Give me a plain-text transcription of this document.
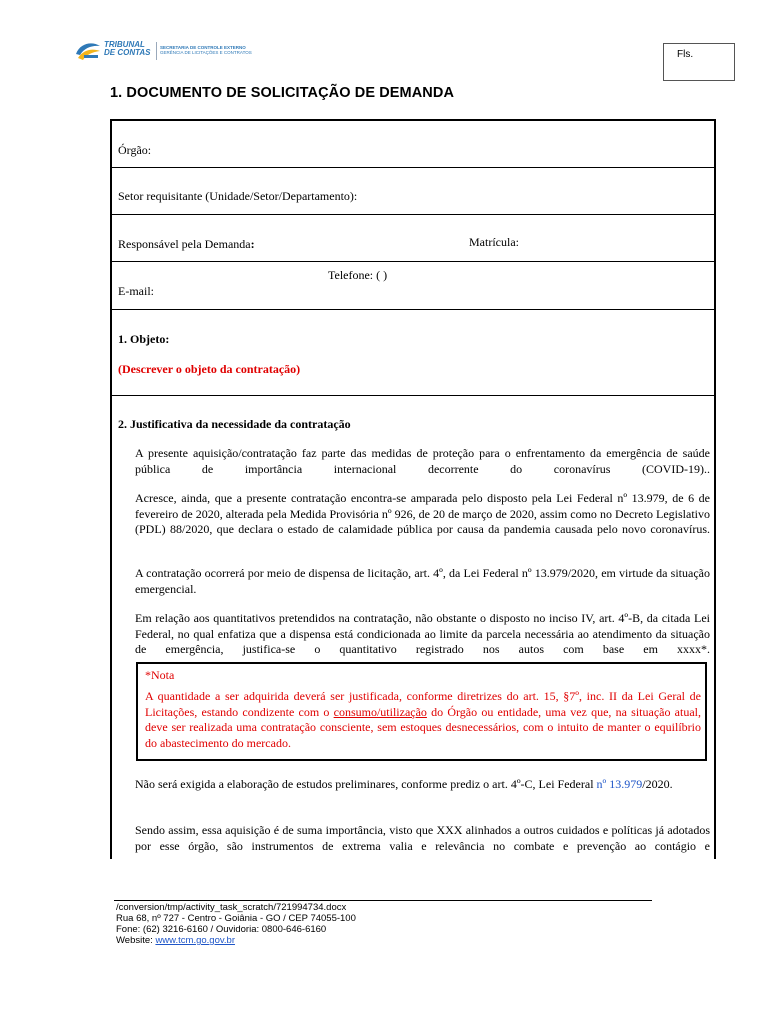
TRIBUNAL
DE CONTAS
SECRETARIA DE CONTROLE EXTERNO
GERÊNCIA DE LICITAÇÕES E CONTRATOS	Fls.
1. DOCUMENTO DE SOLICITAÇÃO DE DEMANDA
Órgão:
Setor requisitante (Unidade/Setor/Departamento):
Responsável pela Demanda:	Matrícula:
Telefone: ( )
E-mail:
1. Objeto:
(Descrever o objeto da contratação)
2. Justificativa da necessidade da contratação
A presente aquisição/contratação faz parte das medidas de proteção para o enfrentamento da emergência de saúde pública de importância internacional decorrente do coronavírus (COVID-19)..
Acresce, ainda, que a presente contratação encontra-se amparada pelo disposto pela Lei Federal nº 13.979, de 6 de fevereiro de 2020, alterada pela Medida Provisória nº 926, de 20 de março de 2020, assim como no Decreto Legislativo (PDL) 88/2020, que declara o estado de calamidade pública por causa da pandemia causada pelo novo coronavírus.
A contratação ocorrerá por meio de dispensa de licitação, art. 4º, da Lei Federal nº 13.979/2020, em virtude da situação emergencial.
Em relação aos quantitativos pretendidos na contratação, não obstante o disposto no inciso IV, art. 4º-B, da citada Lei Federal, no qual enfatiza que a dispensa está condicionada ao limite da parcela necessária ao atendimento da situação de emergência, justifica-se o quantitativo registrado nos autos com base em xxxx*.
*Nota
A quantidade a ser adquirida deverá ser justificada, conforme diretrizes do art. 15, §7º, inc. II da Lei Geral de Licitações, estando condizente com o consumo/utilização do Órgão ou entidade, uma vez que, na situação atual, deve ser realizada uma contratação consciente, sem estoques desnecessários, com o intuito de manter o equilíbrio do abastecimento do mercado.
Não será exigida a elaboração de estudos preliminares, conforme prediz o art. 4º-C, Lei Federal nº 13.979/2020.
Sendo assim, essa aquisição é de suma importância, visto que XXX alinhados a outros cuidados e políticas já adotados por esse órgão, são instrumentos de extrema valia e relevância no combate e prevenção ao contágio e
/conversion/tmp/activity_task_scratch/721994734.docx
Rua 68, nº 727 - Centro - Goiânia - GO / CEP 74055-100
Fone: (62) 3216-6160 / Ouvidoria: 0800-646-6160
Website: www.tcm.go.gov.br
